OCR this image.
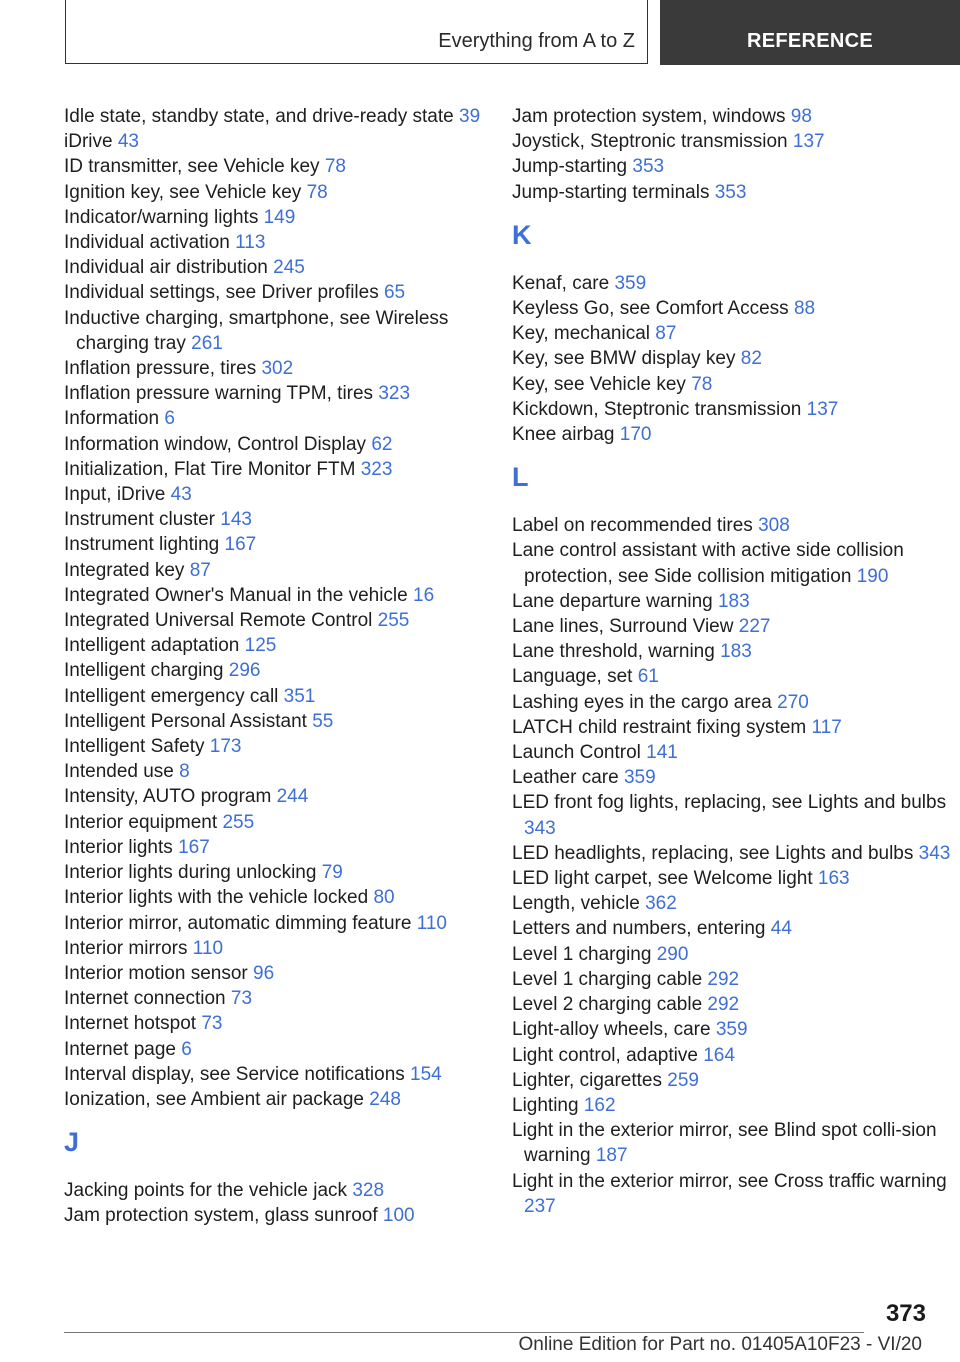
Everything from A to Z	REFERENCE
Idle state, standby state, and drive-ready state 39
iDrive 43
ID transmitter, see Vehicle key 78
Ignition key, see Vehicle key 78
Indicator/warning lights 149
Individual activation 113
Individual air distribution 245
Individual settings, see Driver profiles 65
Inductive charging, smartphone, see Wireless charging tray 261
Inflation pressure, tires 302
Inflation pressure warning TPM, tires 323
Information 6
Information window, Control Display 62
Initialization, Flat Tire Monitor FTM 323
Input, iDrive 43
Instrument cluster 143
Instrument lighting 167
Integrated key 87
Integrated Owner's Manual in the vehicle 16
Integrated Universal Remote Control 255
Intelligent adaptation 125
Intelligent charging 296
Intelligent emergency call 351
Intelligent Personal Assistant 55
Intelligent Safety 173
Intended use 8
Intensity, AUTO program 244
Interior equipment 255
Interior lights 167
Interior lights during unlocking 79
Interior lights with the vehicle locked 80
Interior mirror, automatic dimming feature 110
Interior mirrors 110
Interior motion sensor 96
Internet connection 73
Internet hotspot 73
Internet page 6
Interval display, see Service notifications 154
Ionization, see Ambient air package 248
J
Jacking points for the vehicle jack 328
Jam protection system, glass sunroof 100
Jam protection system, windows 98
Joystick, Steptronic transmission 137
Jump-starting 353
Jump-starting terminals 353
K
Kenaf, care 359
Keyless Go, see Comfort Access 88
Key, mechanical 87
Key, see BMW display key 82
Key, see Vehicle key 78
Kickdown, Steptronic transmission 137
Knee airbag 170
L
Label on recommended tires 308
Lane control assistant with active side collision protection, see Side collision mitigation 190
Lane departure warning 183
Lane lines, Surround View 227
Lane threshold, warning 183
Language, set 61
Lashing eyes in the cargo area 270
LATCH child restraint fixing system 117
Launch Control 141
Leather care 359
LED front fog lights, replacing, see Lights and bulbs 343
LED headlights, replacing, see Lights and bulbs 343
LED light carpet, see Welcome light 163
Length, vehicle 362
Letters and numbers, entering 44
Level 1 charging 290
Level 1 charging cable 292
Level 2 charging cable 292
Light-alloy wheels, care 359
Light control, adaptive 164
Lighter, cigarettes 259
Lighting 162
Light in the exterior mirror, see Blind spot colli-sion warning 187
Light in the exterior mirror, see Cross traffic warning 237
373
Online Edition for Part no. 01405A10F23 - VI/20
